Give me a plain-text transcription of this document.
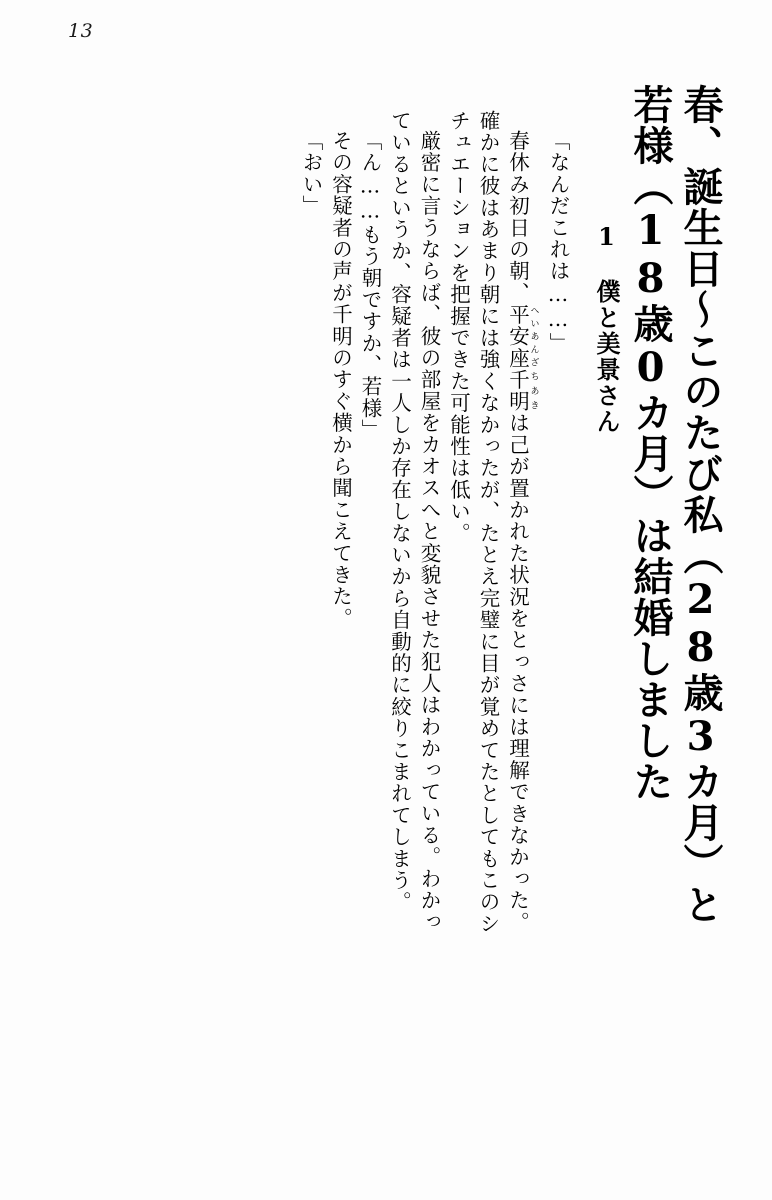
13
春、誕生日〜このたび私（28歳3カ月）と
若様（18歳0カ月）は結婚しました
1　僕と美景さん
「なんだこれは……」
春休み初日の朝、平安座 へいあんざ千明 ちあきは己が置かれた状況をとっさには理解できなかった。
確かに彼はあまり朝には強くなかったが、たとえ完璧に目が覚めてたとしてもこのシ
チュエーションを把握できた可能性は低い。
厳密に言うならば、彼の部屋をカオスへと変貌させた犯人はわかっている。わかっ
ているというか、容疑者は一人しか存在しないから自動的に絞りこまれてしまう。
「ん……もう朝ですか、若様」
その容疑者の声が千明のすぐ横から聞こえてきた。
「おい」
